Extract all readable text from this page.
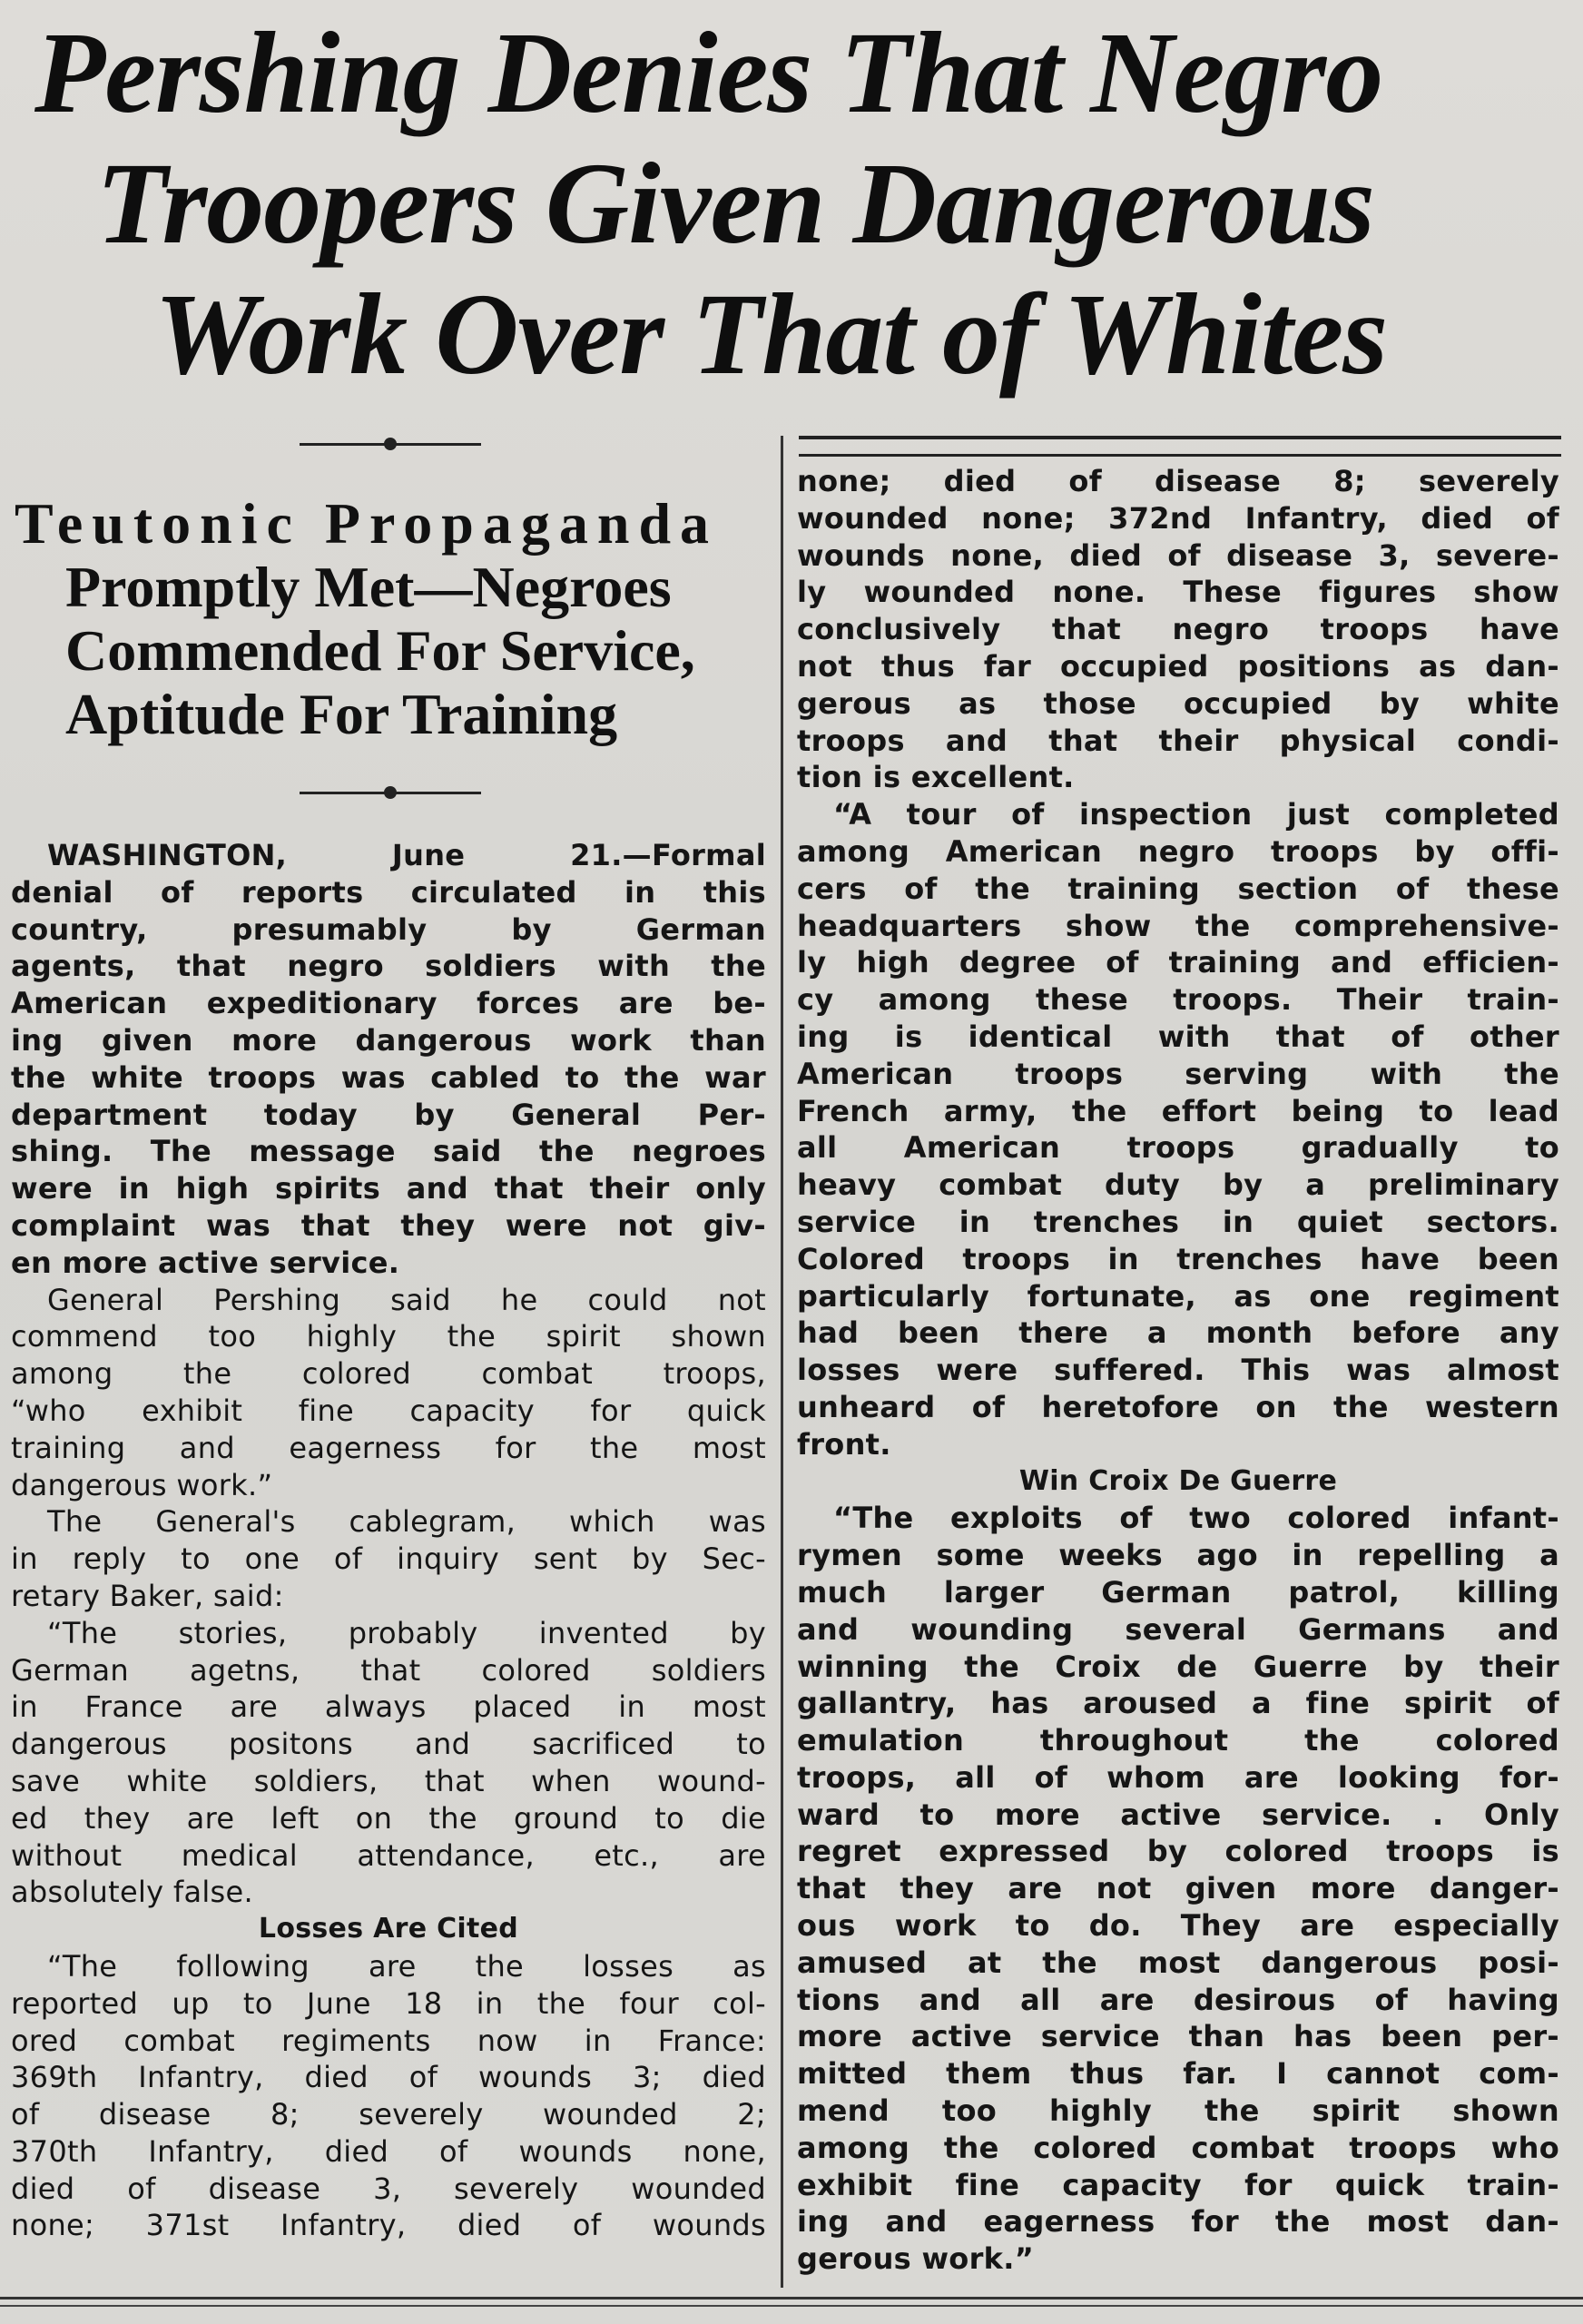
Pershing Denies That Negro
Troopers Given Dangerous
Work Over That of Whites
Teutonic Propaganda
Promptly Met—Negroes
Commended For Service,
Aptitude For Training
WASHINGTON, June 21.—Formal
denial of reports circulated in this
country, presumably by German
agents, that negro soldiers with the
American expeditionary forces are be-
ing given more dangerous work than
the white troops was cabled to the war
department today by General Per-
shing. The message said the negroes
were in high spirits and that their only
complaint was that they were not giv-
en more active service.
General Pershing said he could not
commend too highly the spirit shown
among the colored combat troops,
“who exhibit fine capacity for quick
training and eagerness for the most
dangerous work.”
The General's cablegram, which was
in reply to one of inquiry sent by Sec-
retary Baker, said:
“The stories, probably invented by
German agetns, that colored soldiers
in France are always placed in most
dangerous positons and sacrificed to
save white soldiers, that when wound-
ed they are left on the ground to die
without medical attendance, etc., are
absolutely false.
Losses Are Cited
“The following are the losses as
reported up to June 18 in the four col-
ored combat regiments now in France:
369th Infantry, died of wounds 3; died
of disease 8; severely wounded 2;
370th Infantry, died of wounds none,
died of disease 3, severely wounded
none; 371st Infantry, died of wounds
none; died of disease 8; severely
wounded none; 372nd Infantry, died of
wounds none, died of disease 3, severe-
ly wounded none. These figures show
conclusively that negro troops have
not thus far occupied positions as dan-
gerous as those occupied by white
troops and that their physical condi-
tion is excellent.
“A tour of inspection just completed
among American negro troops by offi-
cers of the training section of these
headquarters show the comprehensive-
ly high degree of training and efficien-
cy among these troops. Their train-
ing is identical with that of other
American troops serving with the
French army, the effort being to lead
all American troops gradually to
heavy combat duty by a preliminary
service in trenches in quiet sectors.
Colored troops in trenches have been
particularly fortunate, as one regiment
had been there a month before any
losses were suffered. This was almost
unheard of heretofore on the western
front.
Win Croix De Guerre
“The exploits of two colored infant-
rymen some weeks ago in repelling a
much larger German patrol, killing
and wounding several Germans and
winning the Croix de Guerre by their
gallantry, has aroused a fine spirit of
emulation throughout the colored
troops, all of whom are looking for-
ward to more active service. . Only
regret expressed by colored troops is
that they are not given more danger-
ous work to do. They are especially
amused at the most dangerous posi-
tions and all are desirous of having
more active service than has been per-
mitted them thus far. I cannot com-
mend too highly the spirit shown
among the colored combat troops who
exhibit fine capacity for quick train-
ing and eagerness for the most dan-
gerous work.”
